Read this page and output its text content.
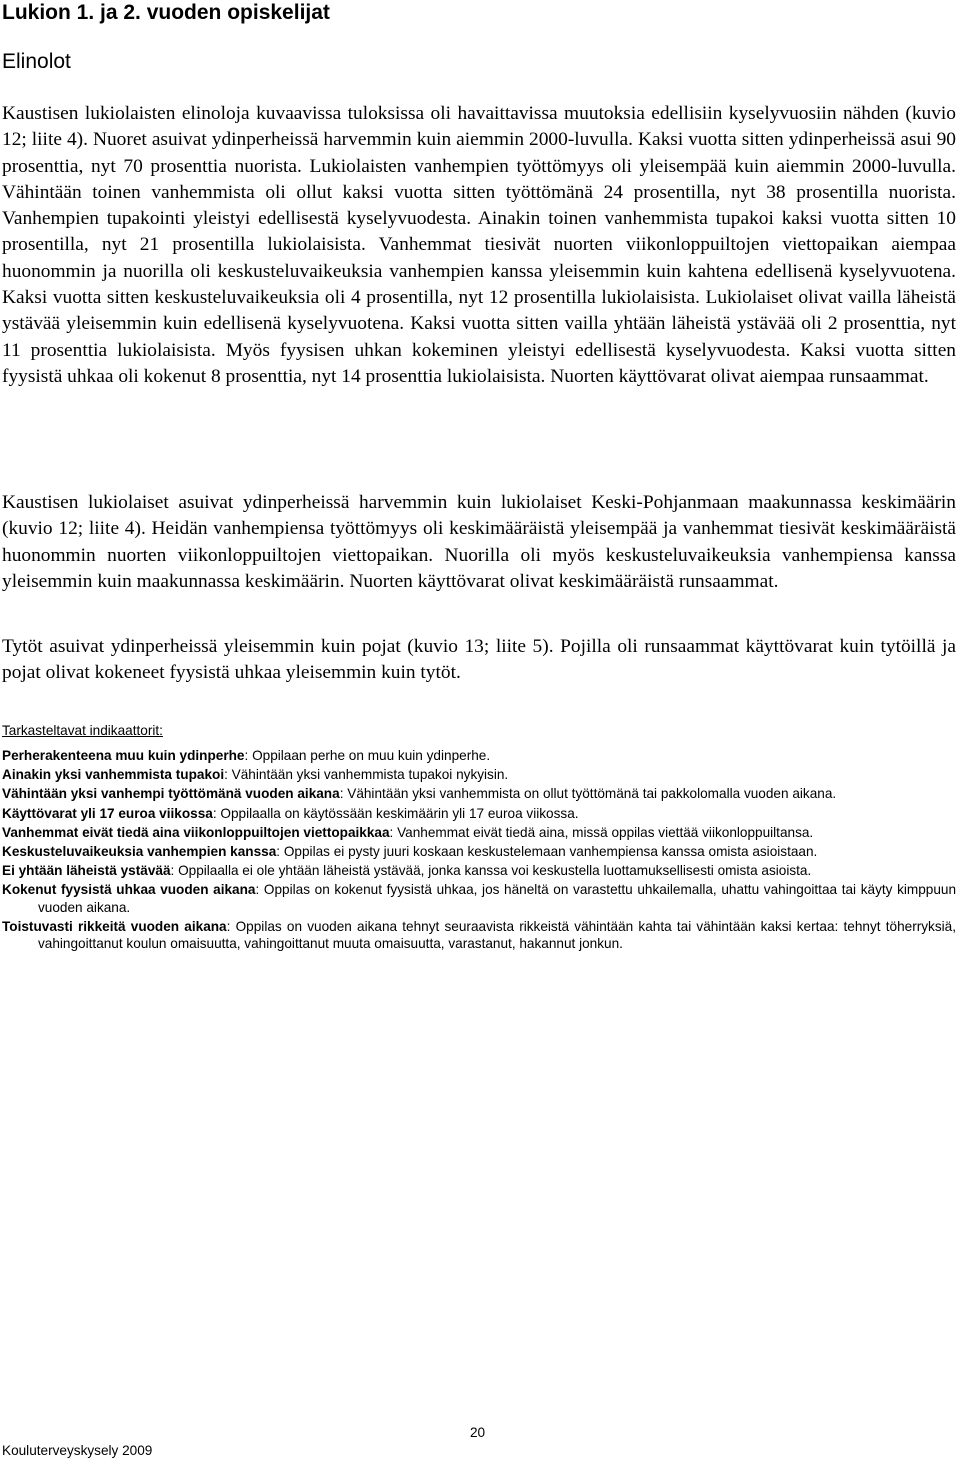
Lukion 1. ja 2. vuoden opiskelijat
Elinolot

Kaustisen lukiolaisten elinoloja kuvaavissa tuloksissa oli havaittavissa muutoksia edellisiin kyselyvuosiin nähden (kuvio 12; liite 4). Nuoret asuivat ydinperheissä harvemmin kuin aiemmin 2000-luvulla. Kaksi vuotta sitten ydinperheissä asui 90 prosenttia, nyt 70 prosenttia nuorista. Lukiolaisten vanhempien työttömyys oli yleisempää kuin aiemmin 2000-luvulla. Vähintään toinen vanhemmista oli ollut kaksi vuotta sitten työttömänä 24 prosentilla, nyt 38 prosentilla nuorista. Vanhempien tupakointi yleistyi edellisestä kyselyvuodesta. Ainakin toinen vanhemmista tupakoi kaksi vuotta sitten 10 prosentilla, nyt 21 prosentilla lukiolaisista. Vanhemmat tiesivät nuorten viikonloppuiltojen viettopaikan aiempaa huonommin ja nuorilla oli keskusteluvaikeuksia vanhempien kanssa yleisemmin kuin kahtena edellisenä kyselyvuotena. Kaksi vuotta sitten keskusteluvaikeuksia oli 4 prosentilla, nyt 12 prosentilla lukiolaisista. Lukiolaiset olivat vailla läheistä ystävää yleisemmin kuin edellisenä kyselyvuotena. Kaksi vuotta sitten vailla yhtään läheistä ystävää oli 2 prosenttia, nyt 11 prosenttia lukiolaisista. Myös fyysisen uhkan kokeminen yleistyi edellisestä kyselyvuodesta. Kaksi vuotta sitten fyysistä uhkaa oli kokenut 8 prosenttia, nyt 14 prosenttia lukiolaisista. Nuorten käyttövarat olivat aiempaa runsaammat.

Kaustisen lukiolaiset asuivat ydinperheissä harvemmin kuin lukiolaiset Keski-Pohjanmaan maakunnassa keskimäärin (kuvio 12; liite 4). Heidän vanhempiensa työttömyys oli keskimääräistä yleisempää ja vanhemmat tiesivät keskimääräistä huonommin nuorten viikonloppuiltojen viettopaikan. Nuorilla oli myös keskusteluvaikeuksia vanhempiensa kanssa yleisemmin kuin maakunnassa keskimäärin. Nuorten käyttövarat olivat keskimääräistä runsaammat.

Tytöt asuivat ydinperheissä yleisemmin kuin pojat (kuvio 13; liite 5). Pojilla oli runsaammat käyttövarat kuin tytöillä ja pojat olivat kokeneet fyysistä uhkaa yleisemmin kuin tytöt.

Tarkasteltavat indikaattorit:
Perherakenteena muu kuin ydinperhe: Oppilaan perhe on muu kuin ydinperhe.
Ainakin yksi vanhemmista tupakoi: Vähintään yksi vanhemmista tupakoi nykyisin.
Vähintään yksi vanhempi työttömänä vuoden aikana: Vähintään yksi vanhemmista on ollut työttömänä tai pakkolomalla vuoden aikana.
Käyttövarat yli 17 euroa viikossa: Oppilaalla on käytössään keskimäärin yli 17 euroa viikossa.
Vanhemmat eivät tiedä aina viikonloppuiltojen viettopaikkaa: Vanhemmat eivät tiedä aina, missä oppilas viettää viikonloppuiltansa.
Keskusteluvaikeuksia vanhempien kanssa: Oppilas ei pysty juuri koskaan keskustelemaan vanhempiensa kanssa omista asioistaan.
Ei yhtään läheistä ystävää: Oppilaalla ei ole yhtään läheistä ystävää, jonka kanssa voi keskustella luottamuksellisesti omista asioista.
Kokenut fyysistä uhkaa vuoden aikana: Oppilas on kokenut fyysistä uhkaa, jos häneltä on varastettu uhkailemalla, uhattu vahingoittaa tai käyty kimppuun vuoden aikana.
Toistuvasti rikkeitä vuoden aikana: Oppilas on vuoden aikana tehnyt seuraavista rikkeistä vähintään kahta tai vähintään kaksi kertaa: tehnyt töherryksiä, vahingoittanut koulun omaisuutta, vahingoittanut muuta omaisuutta, varastanut, hakannut jonkun.
20
Kouluterveyskysely 2009
